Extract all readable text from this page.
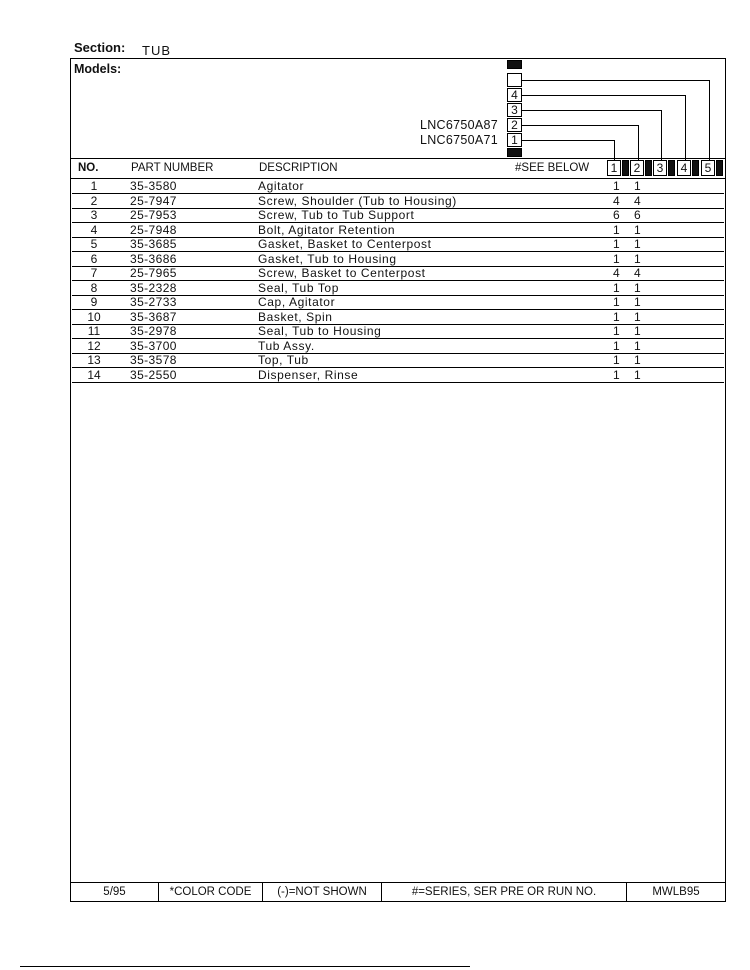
Section: TUB
Models:
4
3
2
1
LNC6750A87
LNC6750A71
NO.	PART NUMBER	DESCRIPTION	#SEE BELOW	1	2	3	4	5
1	35-3580	Agitator	1 1
2	25-7947	Screw, Shoulder (Tub to Housing)	4 4
3	25-7953	Screw, Tub to Tub Support	6 6
4	25-7948	Bolt, Agitator Retention	1 1
5	35-3685	Gasket, Basket to Centerpost	1 1
6	35-3686	Gasket, Tub to Housing	1 1
7	25-7965	Screw, Basket to Centerpost	4 4
8	35-2328	Seal, Tub Top	1 1
9	35-2733	Cap, Agitator	1 1
10 35-3687	Basket, Spin	1 1
11	35-2978	Seal, Tub to Housing	1 1
12 35-3700	Tub Assy.	1 1
13 35-3578	Top, Tub	1 1
14 35-2550	Dispenser, Rinse	1 1
5/95	*COLOR CODE	(-)=NOT SHOWN	#=SERIES, SER PRE OR RUN NO.	MWLB95
